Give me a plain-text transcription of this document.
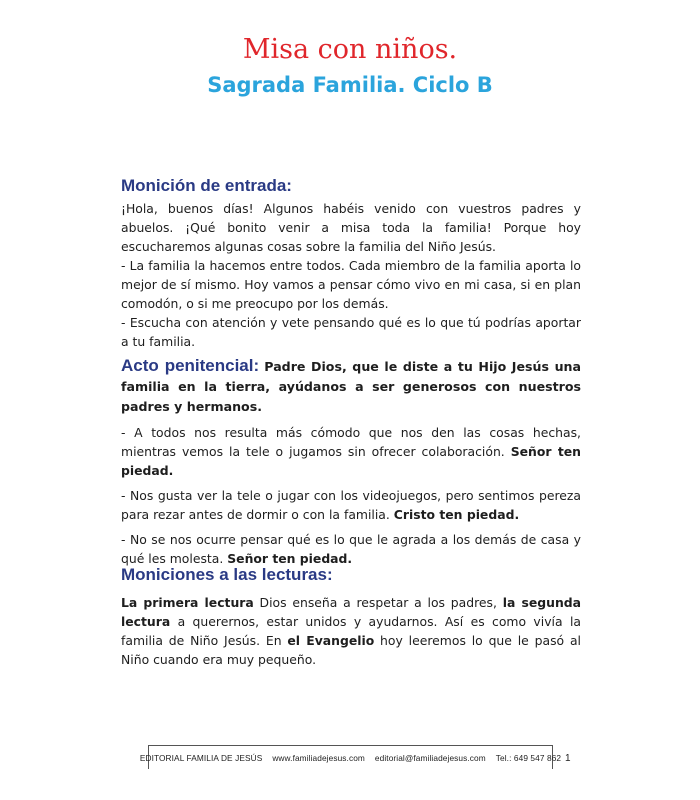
Misa con niños.
Sagrada Familia. Ciclo B
Monición de entrada:

¡Hola, buenos días! Algunos habéis venido con vuestros padres y abuelos. ¡Qué bonito venir a misa toda la familia! Porque hoy escucharemos algunas cosas sobre la familia del Niño Jesús.

- La familia la hacemos entre todos. Cada miembro de la familia aporta lo mejor de sí mismo. Hoy vamos a pensar cómo vivo en mi casa, si en plan comodón, o si me preocupo por los demás.

- Escucha con atención y vete pensando qué es lo que tú podrías aportar a tu familia.

Acto penitencial: Padre Dios, que le diste a tu Hijo Jesús una familia en la tierra, ayúdanos a ser generosos con nuestros padres y hermanos.

- A todos nos resulta más cómodo que nos den las cosas hechas, mientras vemos la tele o jugamos sin ofrecer colaboración. Señor ten piedad.

- Nos gusta ver la tele o jugar con los videojuegos, pero sentimos pereza para rezar antes de dormir o con la familia. Cristo ten piedad.

- No se nos ocurre pensar qué es lo que le agrada a los demás de casa y qué les molesta. Señor ten piedad.

Moniciones a las lecturas:

La primera lectura Dios enseña a respetar a los padres, la segunda lectura a querernos, estar unidos y ayudarnos. Así es como vivía la familia de Niño Jesús. En el Evangelio hoy leeremos lo que le pasó al Niño cuando era muy pequeño.

EDITORIAL FAMILIA DE JESÚS www.familiadejesus.com editorial@familiadejesus.com Tel.: 649 547 862 1
